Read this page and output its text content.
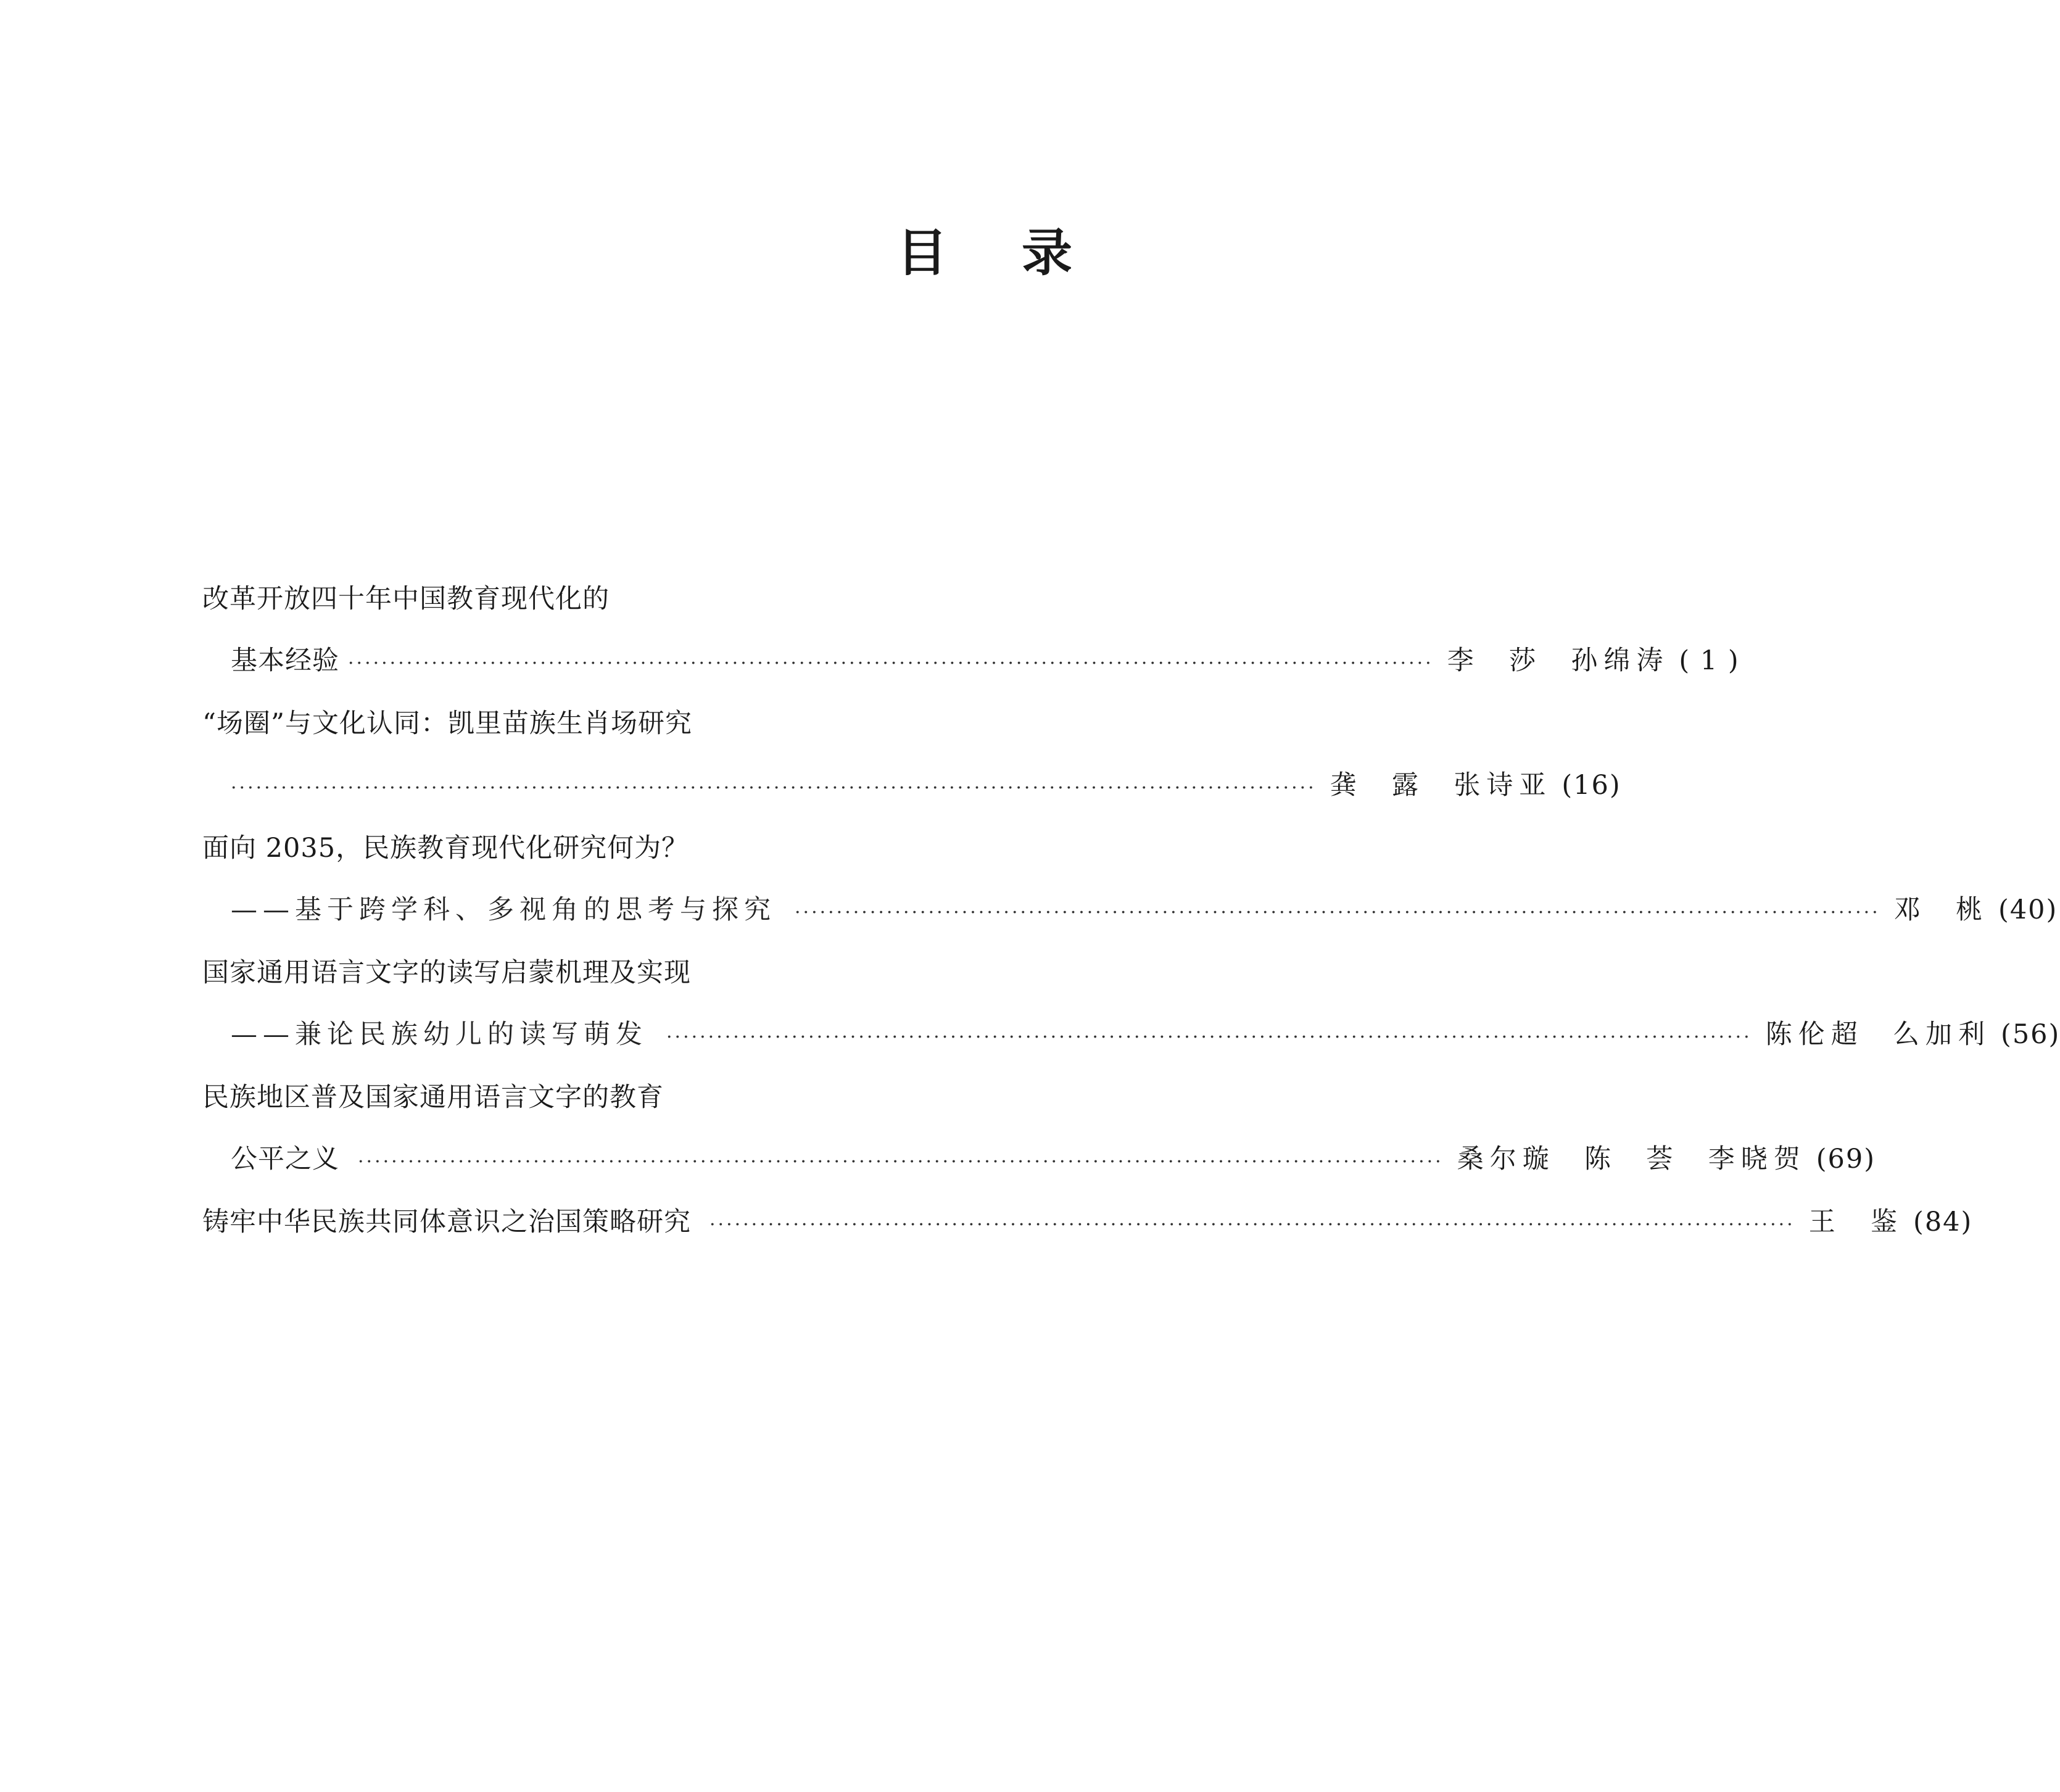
目 录
改革开放四十年中国教育现代化的
基本经验 ·································································································································· 李  莎  孙绵涛 ( 1 )
“场圈”与文化认同：凯里苗族生肖场研究
·································································································································· 龚  露  张诗亚 (16)
面向 2035，民族教育现代化研究何为？
——基于跨学科、多视角的思考与探究 ·································································································································· 邓  桃 (40)
国家通用语言文字的读写启蒙机理及实现
——兼论民族幼儿的读写萌发 ·································································································································· 陈伦超  么加利 (56)
民族地区普及国家通用语言文字的教育
公平之义 ·································································································································· 桑尔璇  陈  荟  李晓贺 (69)
铸牢中华民族共同体意识之治国策略研究 ·································································································································· 王  鉴 (84)
